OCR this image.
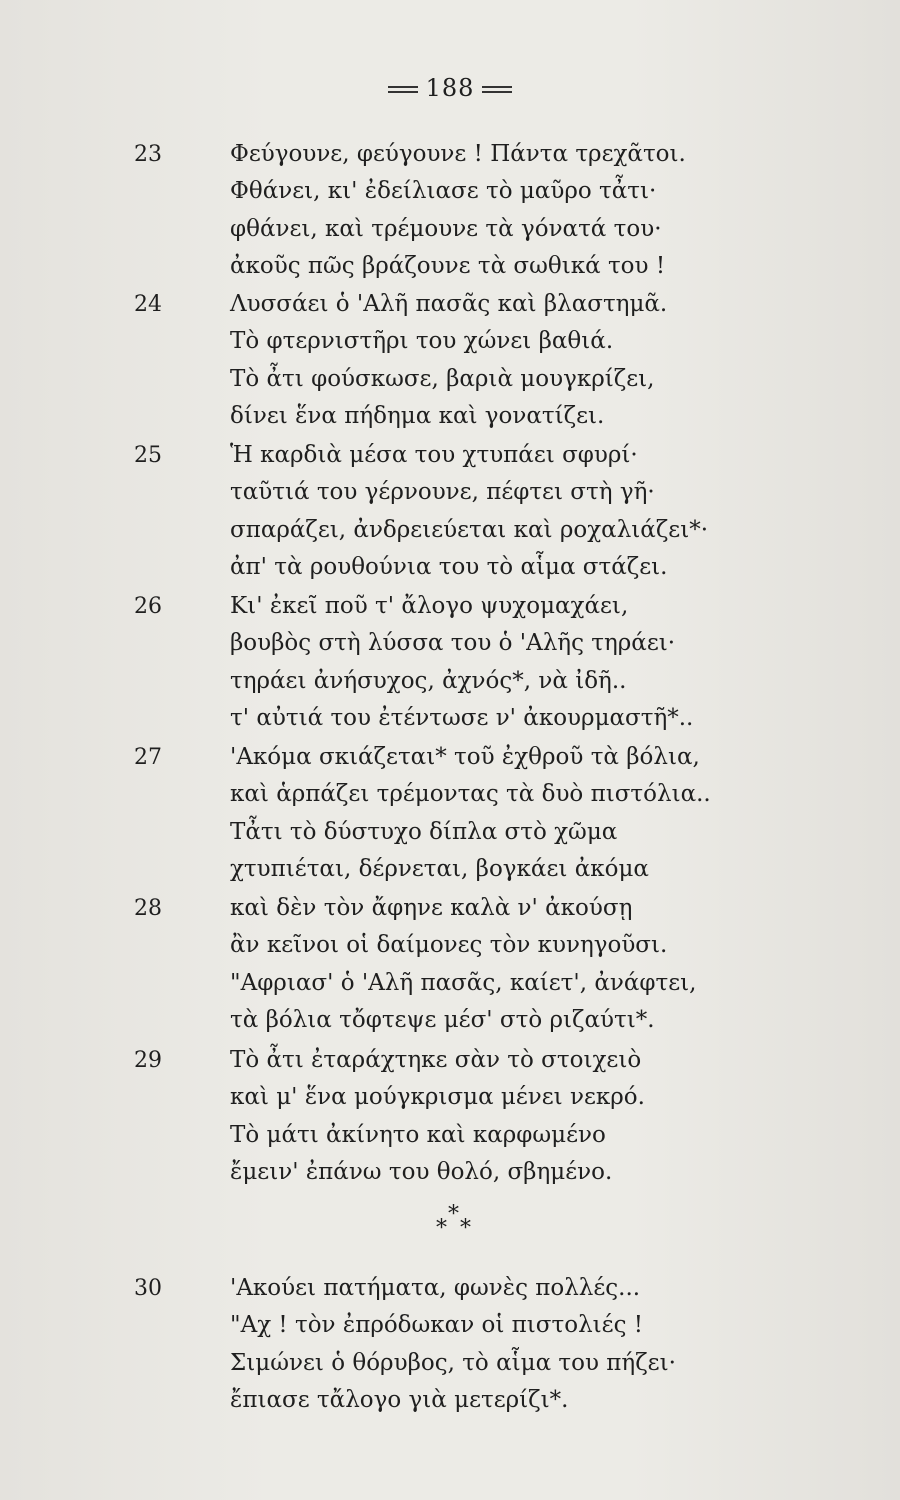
188
23	Φεύγουνε, φεύγουνε ! Πάντα τρεχᾶτοι.
Φθάνει, κι' ἐδείλιασε τὸ μαῦρο τἆτι·
φθάνει, καὶ τρέμουνε τὰ γόνατά του·
ἀκοῦς πῶς βράζουνε τὰ σωθικά του !
24	Λυσσάει ὁ 'Αλῆ πασᾶς καὶ βλαστημᾶ.
Τὸ φτερνιστῆρι του χώνει βαθιά.
Τὸ ἆτι φούσκωσε, βαριὰ μουγκρίζει,
δίνει ἕνα πήδημα καὶ γονατίζει.
25	Ἡ καρδιὰ μέσα του χτυπάει σφυρί·
ταῦτιά του γέρνουνε, πέφτει στὴ γῆ·
σπαράζει, ἀνδρειεύεται καὶ ροχαλιάζει*·
ἀπ' τὰ ρουθούνια του τὸ αἷμα στάζει.
26	Κι' ἐκεῖ ποῦ τ' ἄλογο ψυχομαχάει,
βουβὸς στὴ λύσσα του ὁ 'Αλῆς τηράει·
τηράει ἀνήσυχος, ἀχνός*, νὰ ἰδῆ..
τ' αὐτιά του ἐτέντωσε ν' ἀκουρμαστῆ*..
27	'Ακόμα σκιάζεται* τοῦ ἐχθροῦ τὰ βόλια,
καὶ ἁρπάζει τρέμοντας τὰ δυὸ πιστόλια..
Τἆτι τὸ δύστυχο δίπλα στὸ χῶμα
χτυπιέται, δέρνεται, βογκάει ἀκόμα
28	καὶ δὲν τὸν ἄφηνε καλὰ ν' ἀκούσῃ
ἂν κεῖνοι οἱ δαίμονες τὸν κυνηγοῦσι.
"Αφριασ' ὁ 'Αλῆ πασᾶς, καίετ', ἀνάφτει,
τὰ βόλια τὄφτεψε μέσ' στὸ ριζαύτι*.
29	Τὸ ἆτι ἐταράχτηκε σὰν τὸ στοιχειὸ
καὶ μ' ἕνα μούγκρισμα μένει νεκρό.
Τὸ μάτι ἀκίνητο καὶ καρφωμένο
ἔμειν' ἐπάνω του θολό, σβημένο.
*
* *
30	'Ακούει πατήματα, φωνὲς πολλές...
"Αχ ! τὸν ἐπρόδωκαν οἱ πιστολιές !
Σιμώνει ὁ θόρυβος, τὸ αἷμα του πήζει·
ἔπιασε τἄλογο γιὰ μετερίζι*.
